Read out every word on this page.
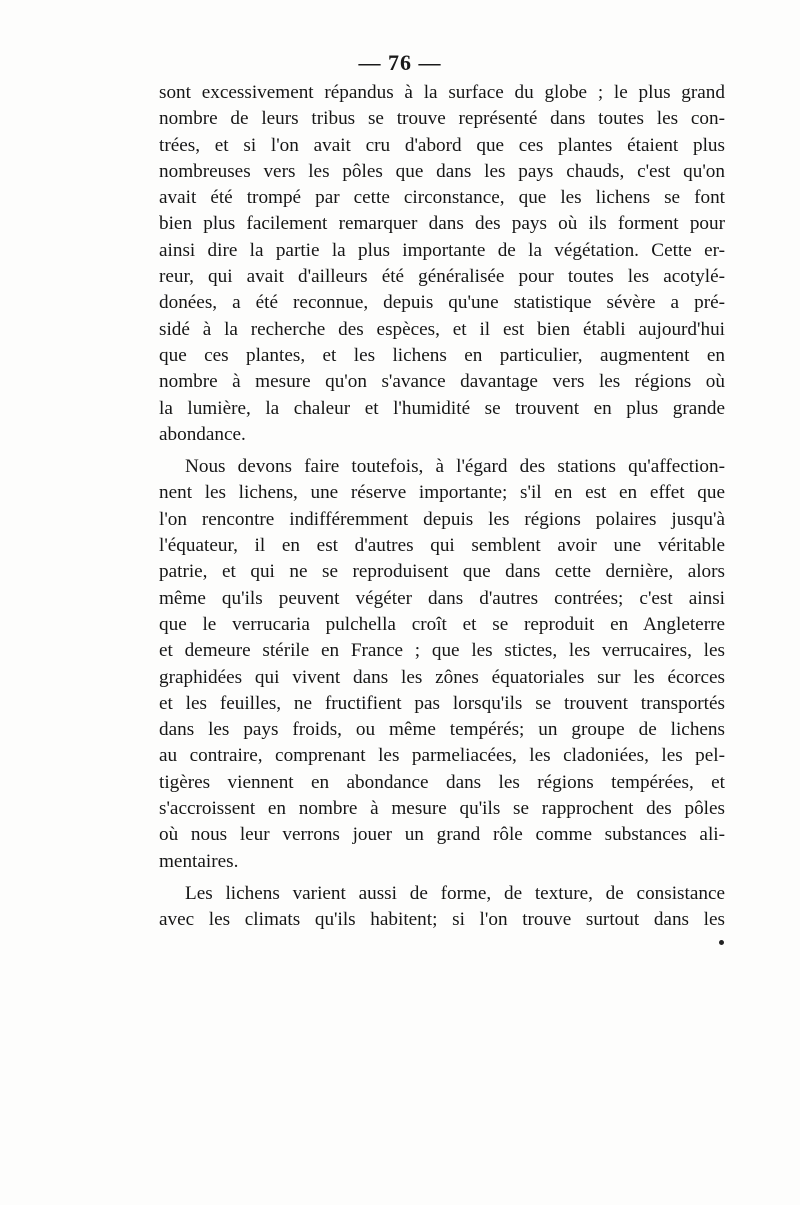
— 76 —
sont excessivement répandus à la surface du globe ; le plus grand
nombre de leurs tribus se trouve représenté dans toutes les con-
trées, et si l'on avait cru d'abord que ces plantes étaient plus
nombreuses vers les pôles que dans les pays chauds, c'est qu'on
avait été trompé par cette circonstance, que les lichens se font
bien plus facilement remarquer dans des pays où ils forment pour
ainsi dire la partie la plus importante de la végétation. Cette er-
reur, qui avait d'ailleurs été généralisée pour toutes les acotylé-
donées, a été reconnue, depuis qu'une statistique sévère a pré-
sidé à la recherche des espèces, et il est bien établi aujourd'hui
que ces plantes, et les lichens en particulier, augmentent en
nombre à mesure qu'on s'avance davantage vers les régions où
la lumière, la chaleur et l'humidité se trouvent en plus grande
abondance.
Nous devons faire toutefois, à l'égard des stations qu'affection-
nent les lichens, une réserve importante; s'il en est en effet que
l'on rencontre indifféremment depuis les régions polaires jusqu'à
l'équateur, il en est d'autres qui semblent avoir une véritable
patrie, et qui ne se reproduisent que dans cette dernière, alors
même qu'ils peuvent végéter dans d'autres contrées; c'est ainsi
que le verrucaria pulchella croît et se reproduit en Angleterre
et demeure stérile en France ; que les stictes, les verrucaires, les
graphidées qui vivent dans les zônes équatoriales sur les écorces
et les feuilles, ne fructifient pas lorsqu'ils se trouvent transportés
dans les pays froids, ou même tempérés; un groupe de lichens
au contraire, comprenant les parmeliacées, les cladoniées, les pel-
tigères viennent en abondance dans les régions tempérées, et
s'accroissent en nombre à mesure qu'ils se rapprochent des pôles
où nous leur verrons jouer un grand rôle comme substances ali-
mentaires.
Les lichens varient aussi de forme, de texture, de consistance
avec les climats qu'ils habitent; si l'on trouve surtout dans les
